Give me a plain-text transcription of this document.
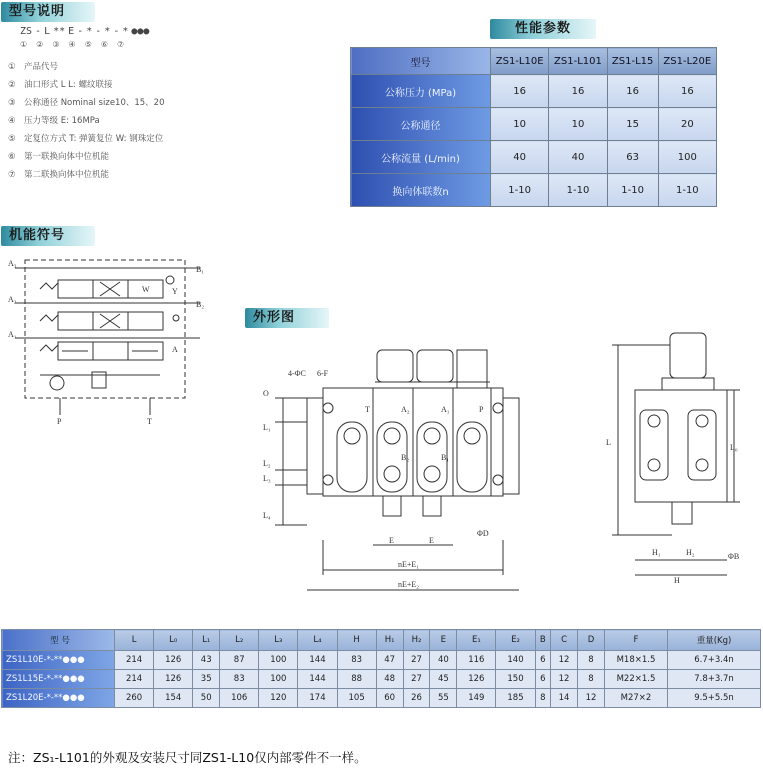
型号说明
性能参数
机能符号
外形图
ZS - L ** E - * - * - * ●●●
① ② ③ ④ ⑤ ⑥ ⑦
① 产品代号
② 油口形式 L L: 螺纹联接
③ 公称通径 Nominal size10、15、20
④ 压力等级 E: 16MPa
⑤ 定复位方式 T: 弹簧复位 W: 钢珠定位
⑥ 第一联换向体中位机能
⑦ 第二联换向体中位机能
型号	ZS1-L10E	ZS1-L101	ZS1-L15	ZS1-L20E
公称压力 (MPa)	16	16	16	16
公称通径	10	10	15	20
公称流量 (L/min)	40	40	63	100
换向体联数n	1-10	1-10	1-10	1-10
A₃
A₂
A₁
B₁
B₂
Y
A
P	T
W
4-ΦC 6-F
O
L₁
L₂
L₃
L₄
T	A₂	A₁	P
B₂	B₁
E	E
ΦD
nE+E₁
nE+E₂
L
L₀
H₁	H₂
H
ΦB
型 号	L	L₀	L₁	L₂	L₃	L₄	H	H₁	H₂	E	E₁	E₂	B	C	D	F	重量(Kg)
ZS1L10E-*-**●●●	214	126	43	87	100	144	83	47	27	40	116	140	6	12	8	M18×1.5	6.7+3.4n
ZS1L15E-*-**●●●	214	126	35	83	100	144	88	48	27	45	126	150	6	12	8	M22×1.5	7.8+3.7n
ZS1L20E-*-**●●●	260	154	50	106	120	174	105	60	26	55	149	185	8	14	12	M27×2	9.5+5.5n
注：ZS₁-L101的外观及安装尺寸同ZS1-L10仅内部零件不一样。
